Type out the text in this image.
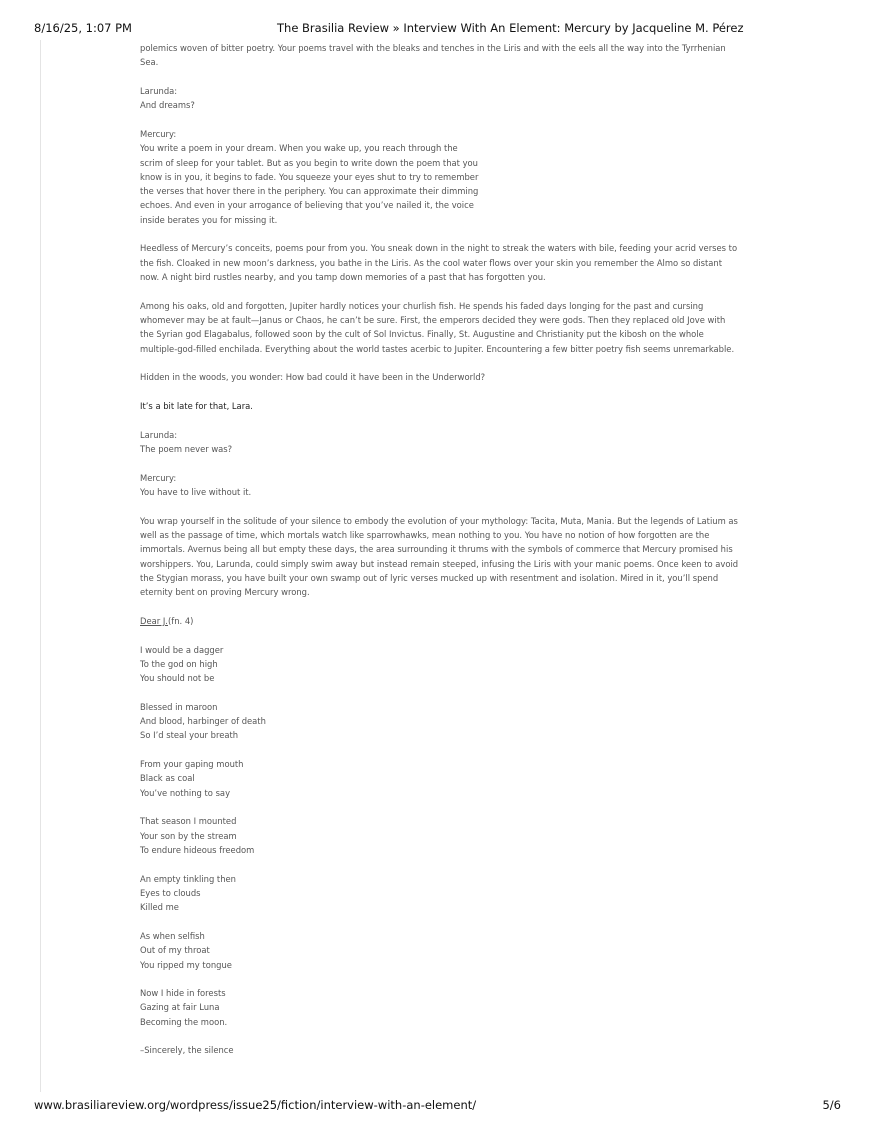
8/16/25, 1:07 PM	The Brasilia Review » Interview With An Element: Mercury by Jacqueline M. Pérez

polemics woven of bitter poetry. Your poems travel with the bleaks and tenches in the Liris and with the eels all the way into the Tyrrhenian Sea.

Larunda:
And dreams?

Mercury:
You write a poem in your dream. When you wake up, you reach through the
scrim of sleep for your tablet. But as you begin to write down the poem that you
know is in you, it begins to fade. You squeeze your eyes shut to try to remember
the verses that hover there in the periphery. You can approximate their dimming
echoes. And even in your arrogance of believing that you’ve nailed it, the voice
inside berates you for missing it.

Heedless of Mercury’s conceits, poems pour from you. You sneak down in the night to streak the waters with bile, feeding your acrid verses to the fish. Cloaked in new moon’s darkness, you bathe in the Liris. As the cool water flows over your skin you remember the Almo so distant now. A night bird rustles nearby, and you tamp down memories of a past that has forgotten you.

Among his oaks, old and forgotten, Jupiter hardly notices your churlish fish. He spends his faded days longing for the past and cursing whomever may be at fault—Janus or Chaos, he can’t be sure. First, the emperors decided they were gods. Then they replaced old Jove with the Syrian god Elagabalus, followed soon by the cult of Sol Invictus. Finally, St. Augustine and Christianity put the kibosh on the whole multiple-god-filled enchilada. Everything about the world tastes acerbic to Jupiter. Encountering a few bitter poetry fish seems unremarkable.

Hidden in the woods, you wonder: How bad could it have been in the Underworld?

It’s a bit late for that, Lara.

Larunda:
The poem never was?

Mercury:
You have to live without it.

You wrap yourself in the solitude of your silence to embody the evolution of your mythology: Tacita, Muta, Mania. But the legends of Latium as well as the passage of time, which mortals watch like sparrowhawks, mean nothing to you. You have no notion of how forgotten are the immortals. Avernus being all but empty these days, the area surrounding it thrums with the symbols of commerce that Mercury promised his worshippers. You, Larunda, could simply swim away but instead remain steeped, infusing the Liris with your manic poems. Once keen to avoid the Stygian morass, you have built your own swamp out of lyric verses mucked up with resentment and isolation. Mired in it, you’ll spend eternity bent on proving Mercury wrong.

Dear J.(fn. 4)

I would be a dagger
To the god on high
You should not be

Blessed in maroon
And blood, harbinger of death
So I’d steal your breath

From your gaping mouth
Black as coal
You’ve nothing to say

That season I mounted
Your son by the stream
To endure hideous freedom

An empty tinkling then
Eyes to clouds
Killed me

As when selfish
Out of my throat
You ripped my tongue

Now I hide in forests
Gazing at fair Luna
Becoming the moon.

–Sincerely, the silence

www.brasiliareview.org/wordpress/issue25/fiction/interview-with-an-element/	5/6
